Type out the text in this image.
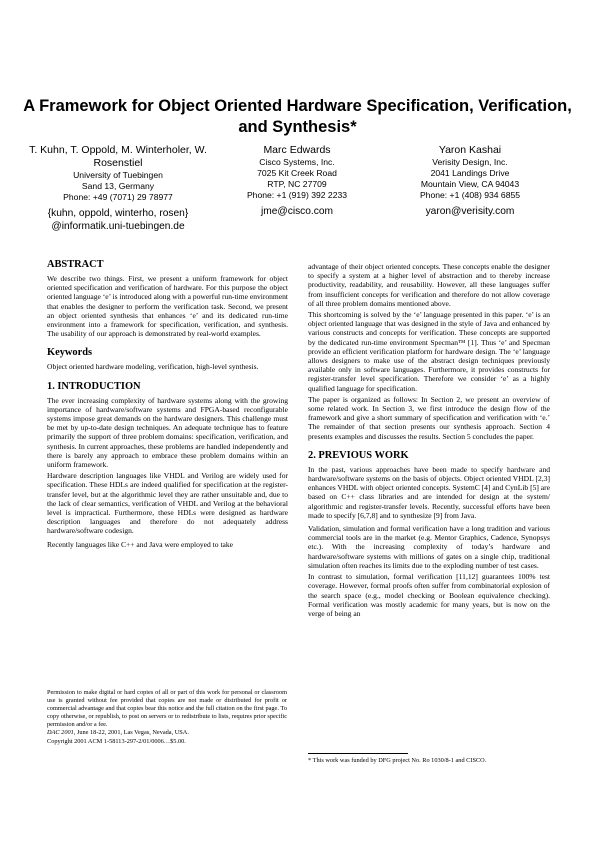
A Framework for Object Oriented Hardware Specification, Verification, and Synthesis*
T. Kuhn, T. Oppold, M. Winterholer, W. Rosenstiel
University of Tuebingen
Sand 13, Germany
Phone: +49 (7071) 29 78977
{kuhn, oppold, winterho, rosen} @informatik.uni-tuebingen.de
Marc Edwards
Cisco Systems, Inc.
7025 Kit Creek Road
RTP, NC 27709
Phone: +1 (919) 392 2233
jme@cisco.com
Yaron Kashai
Verisity Design, Inc.
2041 Landings Drive
Mountain View, CA 94043
Phone: +1 (408) 934 6855
yaron@verisity.com
ABSTRACT

We describe two things. First, we present a uniform framework for object oriented specification and verification of hardware. For this purpose the object oriented language ‘e’ is introduced along with a powerful run-time environment that enables the designer to perform the verification task. Second, we present an object oriented synthesis that enhances ‘e’ and its dedicated run-time environment into a framework for specification, verification, and synthesis. The usability of our approach is demonstrated by real-world examples.

Keywords

Object oriented hardware modeling, verification, high-level synthesis.

1. INTRODUCTION

The ever increasing complexity of hardware systems along with the growing importance of hardware/software systems and FPGA-based reconfigurable systems impose great demands on the hardware designers. This challenge must be met by up-to-date design techniques. An adequate technique has to feature primarily the support of three problem domains: specification, verification, and synthesis. In current approaches, these problems are handled independently and there is barely any approach to embrace these problem domains within an uniform framework.

Hardware description languages like VHDL and Verilog are widely used for specification. These HDLs are indeed qualified for specification at the register-transfer level, but at the algorithmic level they are rather unsuitable and, due to the lack of clear semantics, verification of VHDL and Verilog at the behavioral level is impractical. Furthermore, these HDLs were designed as hardware description languages and therefore do not adequately address hardware/software codesign.

Recently languages like C++ and Java were employed to take

Permission to make digital or hard copies of all or part of this work for personal or classroom use is granted without fee provided that copies are not made or distributed for profit or commercial advantage and that copies bear this notice and the full citation on the first page. To copy otherwise, or republish, to post on servers or to redistribute to lists, requires prior specific permission and/or a fee.

DAC 2001, June 18-22, 2001, Las Vegas, Nevada, USA.

Copyright 2001 ACM 1-58113-297-2/01/0006…$5.00.

advantage of their object oriented concepts. These concepts enable the designer to specify a system at a higher level of abstraction and to thereby increase productivity, readability, and reusability. However, all these languages suffer from insufficient concepts for verification and therefore do not allow coverage of all three problem domains mentioned above.

This shortcoming is solved by the ‘e’ language presented in this paper. ‘e’ is an object oriented language that was designed in the style of Java and enhanced by various constructs and concepts for verification. These concepts are supported by the dedicated run-time environment Specman™ [1]. Thus ‘e’ and Specman provide an efficient verification platform for hardware design. The ‘e’ language allows designers to make use of the abstract design techniques previously available only in software languages. Furthermore, it provides constructs for register-transfer level specification. Therefore we consider ‘e’ as a highly qualified language for specification.

The paper is organized as follows: In Section 2, we present an overview of some related work. In Section 3, we first introduce the design flow of the framework and give a short summary of specification and verification with ‘e.’ The remainder of that section presents our synthesis approach. Section 4 presents examples and discusses the results. Section 5 concludes the paper.

2. PREVIOUS WORK

In the past, various approaches have been made to specify hardware and hardware/software systems on the basis of objects. Object oriented VHDL [2,3] enhances VHDL with object oriented concepts. SystemC [4] and CynLib [5] are based on C++ class libraries and are intended for design at the system/ algorithmic and register-transfer levels. Recently, successful efforts have been made to specify [6,7,8] and to synthesize [9] from Java.

Validation, simulation and formal verification have a long tradition and various commercial tools are in the market (e.g. Mentor Graphics, Cadence, Synopsys etc.). With the increasing complexity of today’s hardware and hardware/software systems with millions of gates on a single chip, traditional simulation often reaches its limits due to the exploding number of test cases.

In contrast to simulation, formal verification [11,12] guarantees 100% test coverage. However, formal proofs often suffer from combinatorial explosion of the search space (e.g., model checking or Boolean equivalence checking). Formal verification was mostly academic for many years, but is now on the verge of being an

* This work was funded by DFG project No. Ro 1030/8-1 and CISCO.
